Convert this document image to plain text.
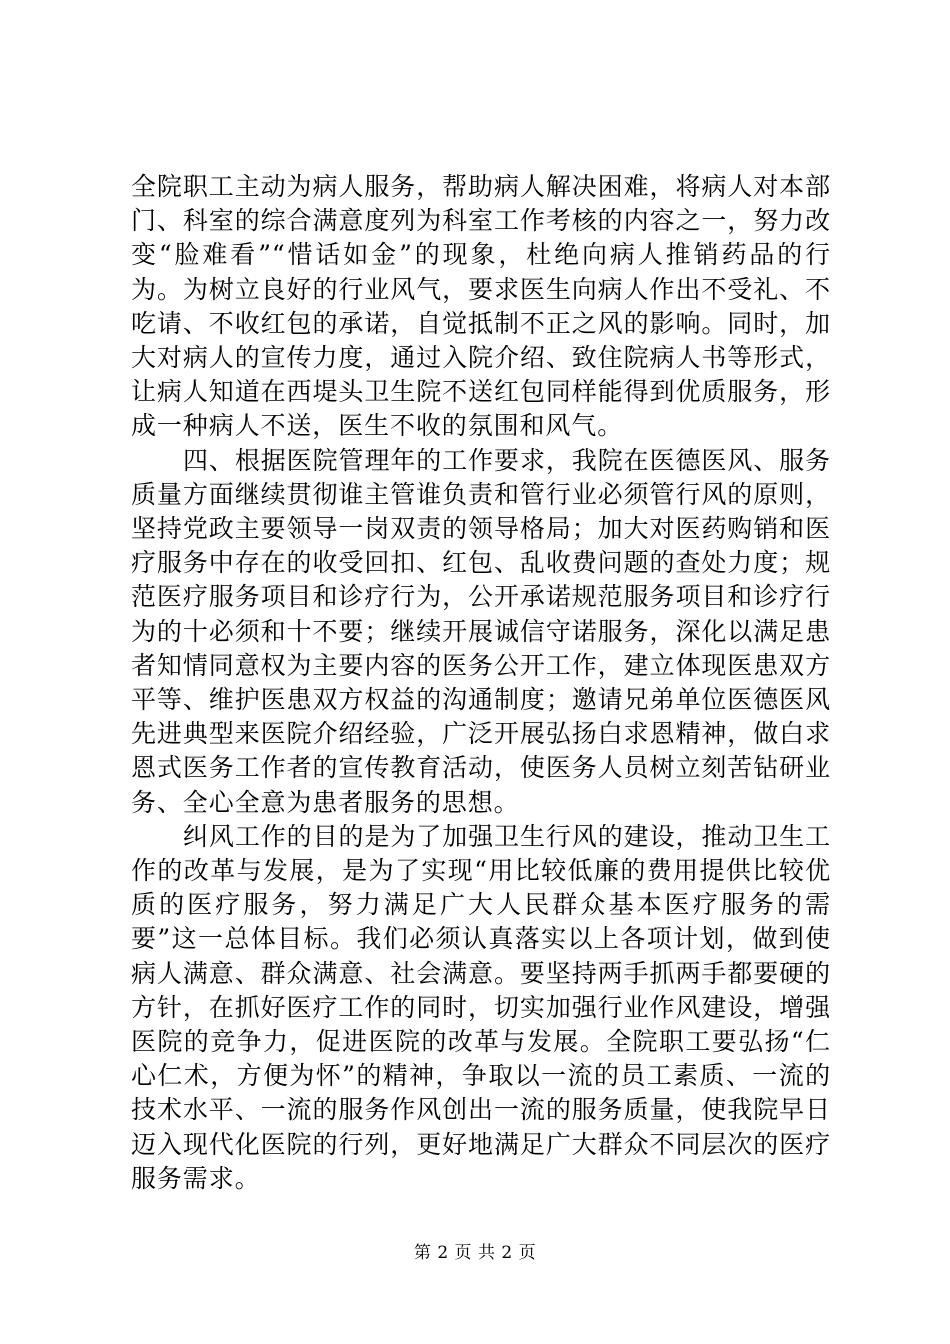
全院职工主动为病人服务，帮助病人解决困难，将病人对本部门、科室的综合满意度列为科室工作考核的内容之一，努力改变“脸难看”“惜话如金”的现象，杜绝向病人推销药品的行为。为树立良好的行业风气，要求医生向病人作出不受礼、不吃请、不收红包的承诺，自觉抵制不正之风的影响。同时，加大对病人的宣传力度，通过入院介绍、致住院病人书等形式，让病人知道在西堤头卫生院不送红包同样能得到优质服务，形成一种病人不送，医生不收的氛围和风气。

四、根据医院管理年的工作要求，我院在医德医风、服务质量方面继续贯彻谁主管谁负责和管行业必须管行风的原则，坚持党政主要领导一岗双责的领导格局；加大对医药购销和医疗服务中存在的收受回扣、红包、乱收费问题的查处力度；规范医疗服务项目和诊疗行为，公开承诺规范服务项目和诊疗行为的十必须和十不要；继续开展诚信守诺服务，深化以满足患者知情同意权为主要内容的医务公开工作，建立体现医患双方平等、维护医患双方权益的沟通制度；邀请兄弟单位医德医风先进典型来医院介绍经验，广泛开展弘扬白求恩精神，做白求恩式医务工作者的宣传教育活动，使医务人员树立刻苦钻研业务、全心全意为患者服务的思想。

纠风工作的目的是为了加强卫生行风的建设，推动卫生工作的改革与发展，是为了实现“用比较低廉的费用提供比较优质的医疗服务，努力满足广大人民群众基本医疗服务的需要”这一总体目标。我们必须认真落实以上各项计划，做到使病人满意、群众满意、社会满意。要坚持两手抓两手都要硬的方针，在抓好医疗工作的同时，切实加强行业作风建设，增强医院的竞争力，促进医院的改革与发展。全院职工要弘扬“仁心仁术，方便为怀”的精神，争取以一流的员工素质、一流的技术水平、一流的服务作风创出一流的服务质量，使我院早日迈入现代化医院的行列，更好地满足广大群众不同层次的医疗服务需求。

第 2 页 共 2 页
